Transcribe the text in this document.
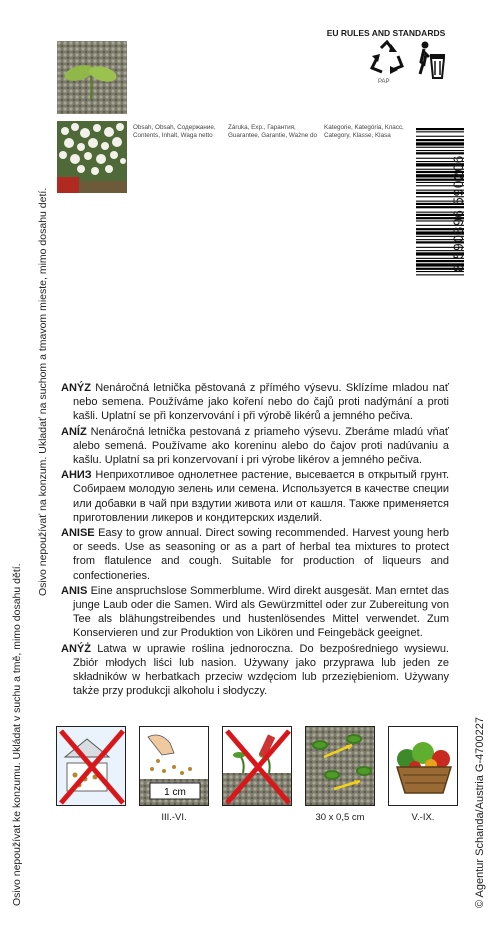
Osivo nepoužívat ke konzumu. Ukládat v suchu a tmě, mimo dosahu dětí.
Osivo nepoužívať na konzum. Ukladať na suchom a tmavom mieste, mimo dosahu detí.
© Agentur Schanda/Austria G-4700227
EU RULES AND STANDARDS
PAP
Obsah, Obsah, Содержание, Contents, Inhalt, Waga netto
Záruka, Exp., Гарантия, Guarantee, Garantie, Ważne do
Kategorie, Kategória, Класс, Category, Klasse, Klasa
8 590396 590206

ANÝZ Nenáročná letnička pěstovaná z přímého výsevu. Sklízíme mladou nať nebo semena. Používáme jako koření nebo do čajů proti nadýmání a proti kašli. Uplatní se při konzervování i při výrobě likérů a jemného pečiva.

ANÍZ Nenáročná letnička pestovaná z priameho výsevu. Zberáme mladú vňať alebo semená. Používame ako koreninu alebo do čajov proti nadúvaniu a kašlu. Uplatní sa pri konzervovaní i pri výrobe likérov a jemného pečiva.

АНИЗ Неприхотливое однолетнее растение, высевается в открытый грунт. Собираем молодую зелень или семена. Используется в качестве специи или добавки в чай при вздутии живота или от кашля. Также применяется приготовлении ликеров и кондитерских изделий.

ANISE Easy to grow annual. Direct sowing recommended. Harvest young herb or seeds. Use as seasoning or as a part of herbal tea mixtures to protect from flatulence and cough. Suitable for production of liqueurs and confectioneries.

ANIS Eine anspruchslose Sommerblume. Wird direkt ausgesät. Man erntet das junge Laub oder die Samen. Wird als Gewürzmittel oder zur Zubereitung von Tee als blähungstreibendes und hustenlösendes Mittel verwendet. Zum Konservieren und zur Produktion von Likören und Feingebäck geeignet.

ANÝŻ Latwa w uprawie roślina jednoroczna. Do bezpośredniego wysiewu. Zbiór młodych liści lub nasion. Używany jako przyprawa lub jeden ze składników w herbatkach przeciw wzdęciom lub przeziębieniom. Używany także przy produkcji alkoholu i słodyczy.

1 cm
III.-VI.	30 x 0,5 cm	V.-IX.
